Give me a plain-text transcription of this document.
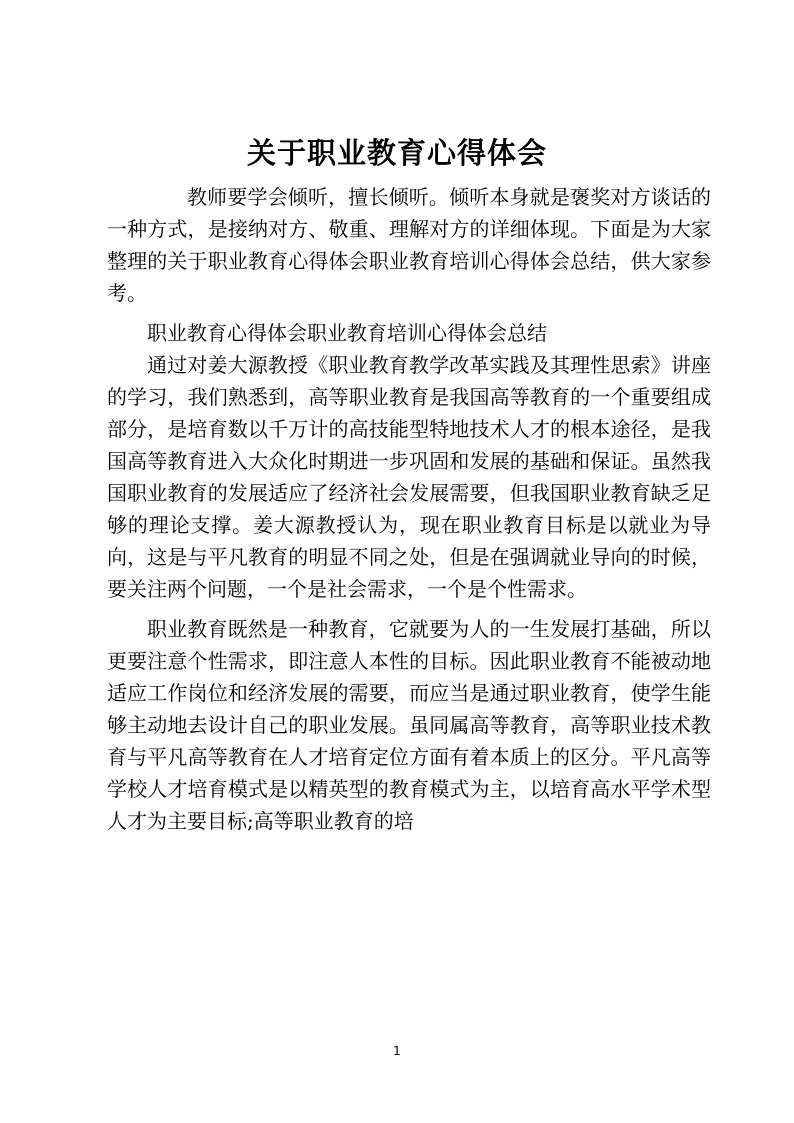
关于职业教育心得体会

教师要学会倾听，擅长倾听。倾听本身就是褒奖对方谈话的一种方式，是接纳对方、敬重、理解对方的详细体现。下面是为大家整理的关于职业教育心得体会职业教育培训心得体会总结，供大家参考。

职业教育心得体会职业教育培训心得体会总结

通过对姜大源教授《职业教育教学改革实践及其理性思索》讲座的学习，我们熟悉到，高等职业教育是我国高等教育的一个重要组成部分，是培育数以千万计的高技能型特地技术人才的根本途径，是我国高等教育进入大众化时期进一步巩固和发展的基础和保证。虽然我国职业教育的发展适应了经济社会发展需要，但我国职业教育缺乏足够的理论支撑。姜大源教授认为，现在职业教育目标是以就业为导向，这是与平凡教育的明显不同之处，但是在强调就业导向的时候，要关注两个问题，一个是社会需求，一个是个性需求。

职业教育既然是一种教育，它就要为人的一生发展打基础，所以更要注意个性需求，即注意人本性的目标。因此职业教育不能被动地适应工作岗位和经济发展的需要，而应当是通过职业教育，使学生能够主动地去设计自己的职业发展。虽同属高等教育，高等职业技术教育与平凡高等教育在人才培育定位方面有着本质上的区分。平凡高等学校人才培育模式是以精英型的教育模式为主，以培育高水平学术型人才为主要目标;高等职业教育的培

1
